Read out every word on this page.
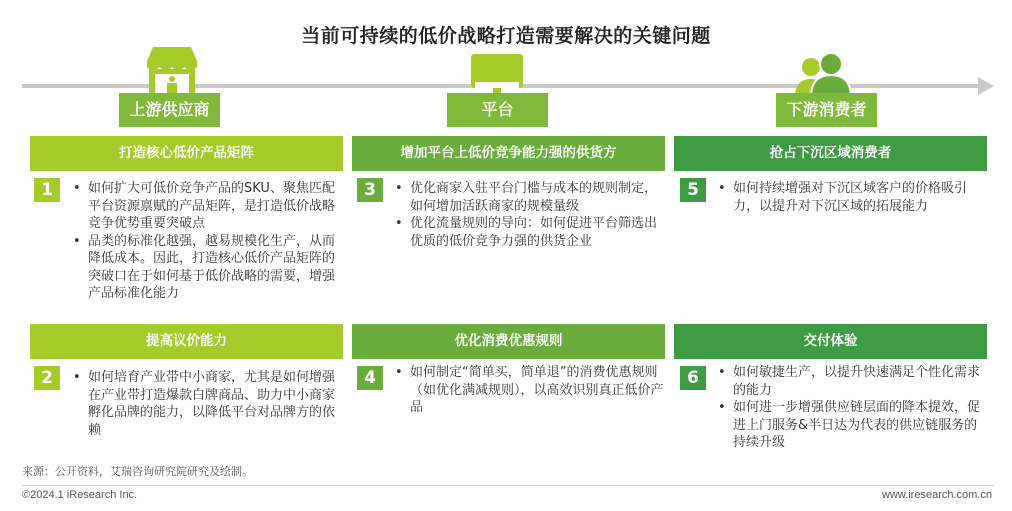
当前可持续的低价战略打造需要解决的关键问题
上游供应商	平台	下游消费者
打造核心低价产品矩阵
1	• 如何扩大可低价竞争产品的SKU、聚焦匹配平台资源禀赋的产品矩阵，是打造低价战略竞争优势重要突破点
• 品类的标准化越强，越易规模化生产，从而降低成本。因此，打造核心低价产品矩阵的突破口在于如何基于低价战略的需要，增强产品标准化能力
提高议价能力
2	• 如何培育产业带中小商家，尤其是如何增强在产业带打造爆款白牌商品、助力中小商家孵化品牌的能力，以降低平台对品牌方的依赖
增加平台上低价竞争能力强的供货方
3	• 优化商家入驻平台门槛与成本的规则制定，如何增加活跃商家的规模量级
• 优化流量规则的导向：如何促进平台筛选出优质的低价竞争力强的供货企业
优化消费优惠规则
4	• 如何制定“简单买，简单退”的消费优惠规则（如优化满减规则），以高效识别真正低价产品
抢占下沉区域消费者
5	• 如何持续增强对下沉区域客户的价格吸引力，以提升对下沉区域的拓展能力
交付体验
6	• 如何敏捷生产，以提升快速满足个性化需求的能力
• 如何进一步增强供应链层面的降本提效，促进上门服务&半日达为代表的供应链服务的持续升级
来源：公开资料，艾瑞咨询研究院研究及绘制。
©2024.1 iResearch Inc.	www.iresearch.com.cn
